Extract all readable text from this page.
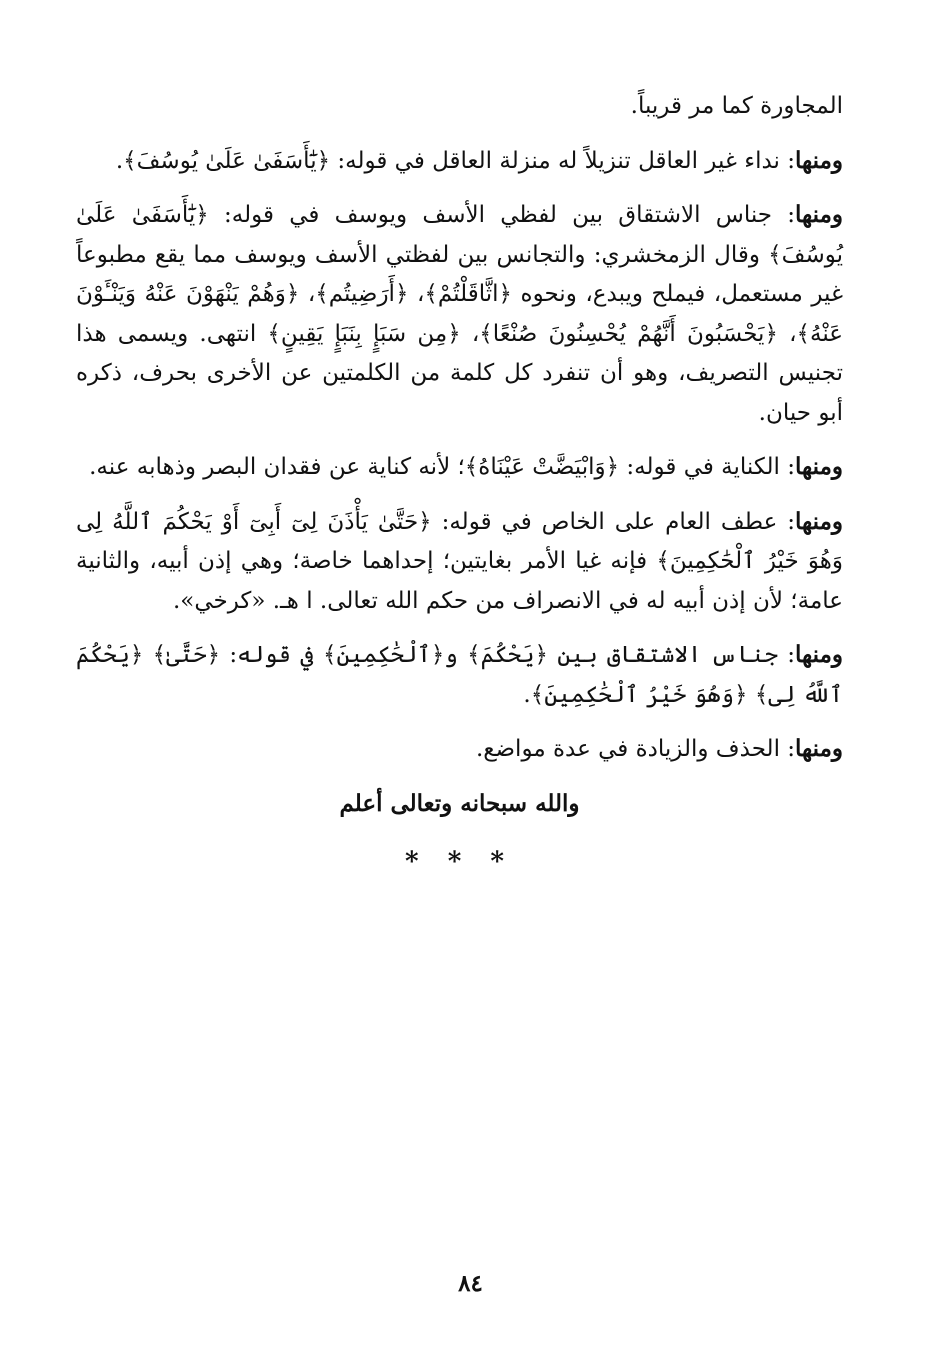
المجاورة كما مر قريباً.

ومنها: نداء غير العاقل تنزيلاً له منزلة العاقل في قوله: ﴿يَٰٓأَسَفَىٰ عَلَىٰ يُوسُفَ﴾.

ومنها: جناس الاشتقاق بين لفظي الأسف ويوسف في قوله: ﴿يَٰٓأَسَفَىٰ عَلَىٰ يُوسُفَ﴾ وقال الزمخشري: والتجانس بين لفظتي الأسف ويوسف مما يقع مطبوعاً غير مستعمل، فيملح ويبدع، ونحوه ﴿اثَّاقَلْتُمْ﴾، ﴿أَرَضِيتُم﴾، ﴿وَهُمْ يَنْهَوْنَ عَنْهُ وَيَنْـَٔوْنَ عَنْهُ﴾، ﴿يَحْسَبُونَ أَنَّهُمْ يُحْسِنُونَ صُنْعًا﴾، ﴿مِن سَبَإٍ بِنَبَإٍ يَقِينٍ﴾ انتهى. ويسمى هذا تجنيس التصريف، وهو أن تنفرد كل كلمة من الكلمتين عن الأخرى بحرف، ذكره أبو حيان.

ومنها: الكناية في قوله: ﴿وَابْيَضَّتْ عَيْنَاهُ﴾؛ لأنه كناية عن فقدان البصر وذهابه عنه.

ومنها: عطف العام على الخاص في قوله: ﴿حَتَّىٰ يَأْذَنَ لِىٓ أَبِىٓ أَوْ يَحْكُمَ ٱللَّهُ لِى وَهُوَ خَيْرُ ٱلْحَٰكِمِينَ﴾ فإنه غيا الأمر بغايتين؛ إحداهما خاصة؛ وهي إذن أبيه، والثانية عامة؛ لأن إذن أبيه له في الانصراف من حكم الله تعالى. ا هـ. «كرخي».

ومنها: جناس الاشتقاق بين ﴿يَحْكُمَ﴾ و﴿ٱلْحَٰكِمِينَ﴾ في قوله: ﴿حَتَّىٰ﴾ ﴿يَحْكُمَ ٱللَّهُ لِى﴾ ﴿وَهُوَ خَيْرُ ٱلْحَٰكِمِينَ﴾.

ومنها: الحذف والزيادة في عدة مواضع.

والله سبحانه وتعالى أعلم
* * *
٨٤
